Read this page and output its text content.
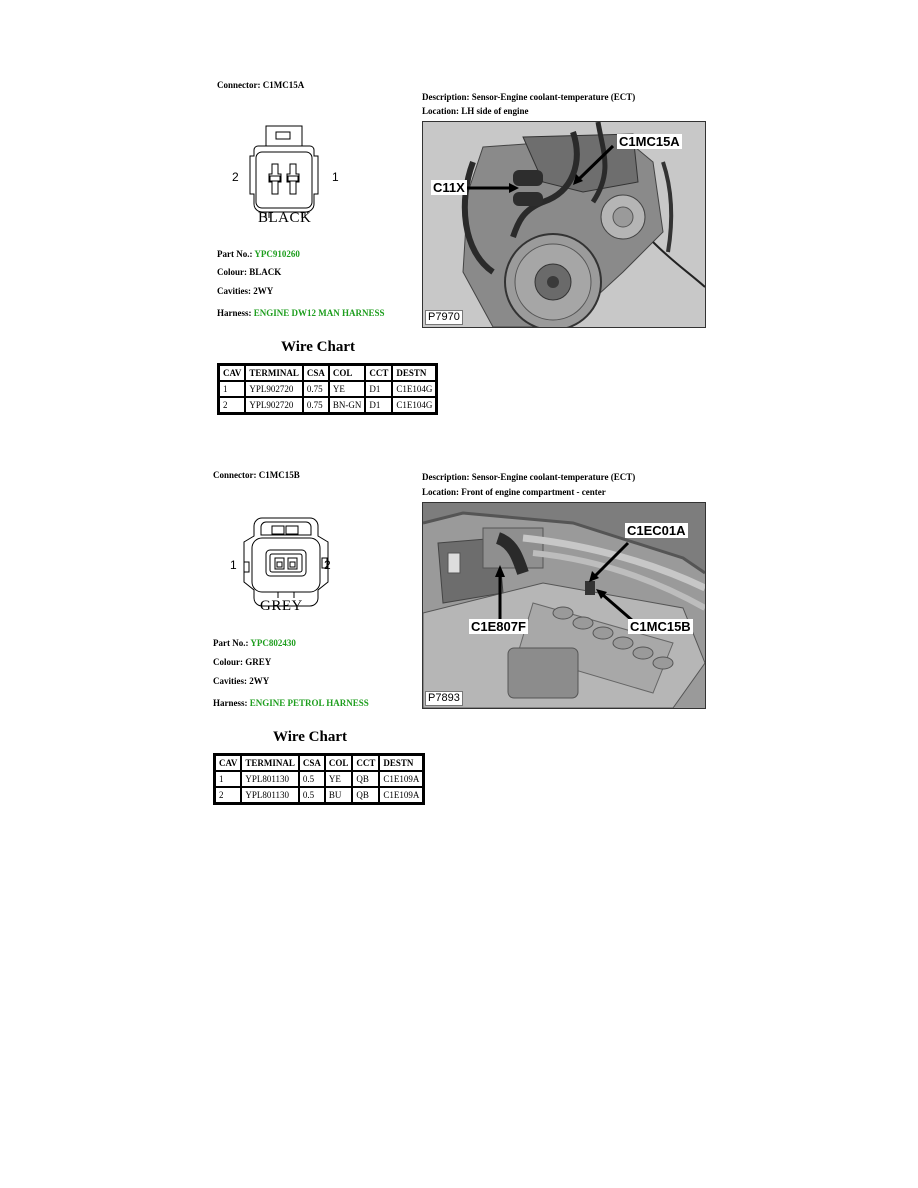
Connector: C1MC15A
2	1
BLACK
Part No.: YPC910260
Colour: BLACK
Cavities: 2WY
Harness: ENGINE DW12 MAN HARNESS
Wire Chart
CAV	TERMINAL	CSA	COL	CCT	DESTN
1	YPL902720	0.75	YE	D1	C1E104G
2	YPL902720	0.75	BN-GN	D1	C1E104G
Description: Sensor-Engine coolant-temperature (ECT)
Location: LH side of engine
C1MC15A
C11X
P7970
Connector: C1MC15B
1	2
GREY
Part No.: YPC802430
Colour: GREY
Cavities: 2WY
Harness: ENGINE PETROL HARNESS
Wire Chart
CAV	TERMINAL	CSA	COL	CCT	DESTN
1	YPL801130	0.5	YE	QB	C1E109A
2	YPL801130	0.5	BU	QB	C1E109A
Description: Sensor-Engine coolant-temperature (ECT)
Location: Front of engine compartment - center
C1EC01A
C1E807F	C1MC15B
P7893
